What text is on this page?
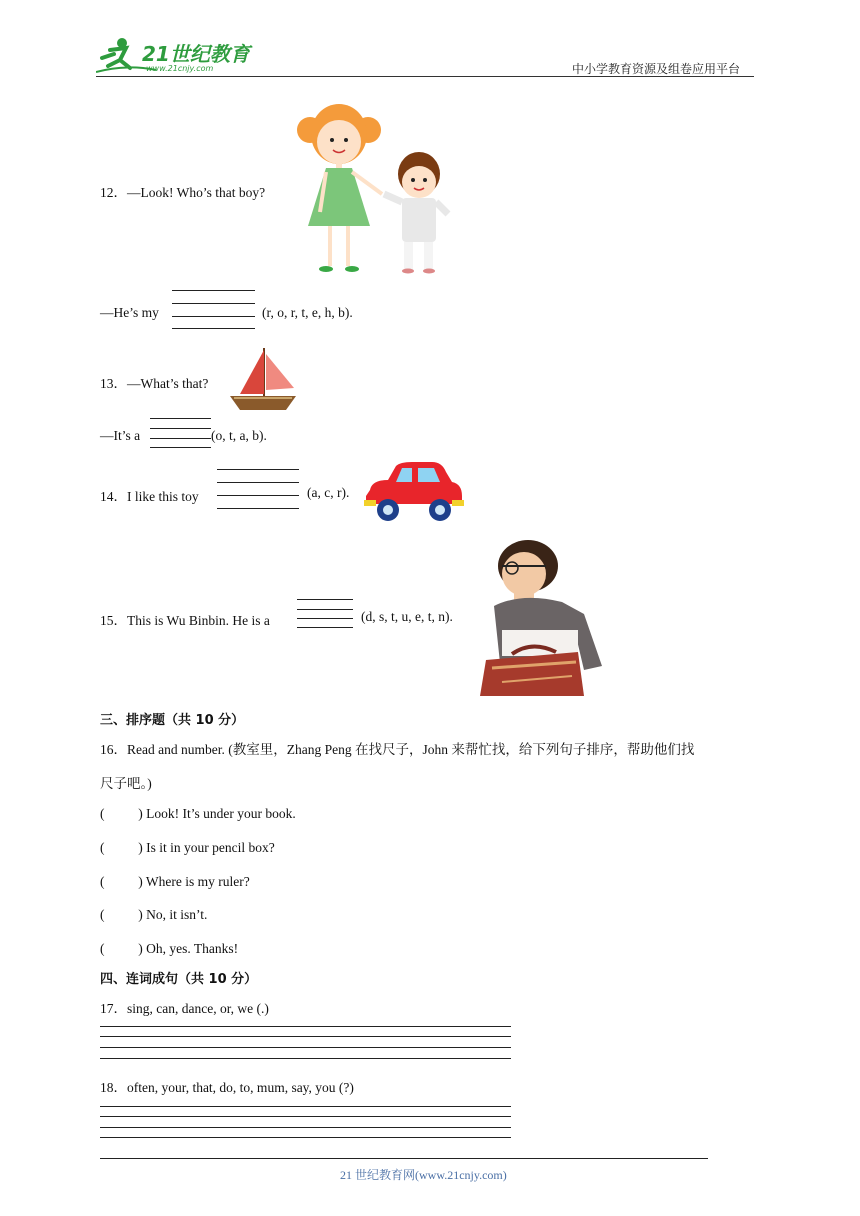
21世纪教育
www.21cnjy.com	中小学教育资源及组卷应用平台
12．—Look! Who’s that boy?
—He’s my	(r, o, r, t, e, h, b).
13．—What’s that?
—It’s a	(o, t, a, b).
14．I like this toy	(a, c, r).
15．This is Wu Binbin. He is a	(d, s, t, u, e, t, n).
三、排序题（共 10 分）
16．Read and number. (教室里，Zhang Peng 在找尺子，John 来帮忙找，给下列句子排序，帮助他们找
尺子吧。)
(          ) Look! It’s under your book.
(          ) Is it in your pencil box?
(          ) Where is my ruler?
(          ) No, it isn’t.
(          ) Oh, yes. Thanks!
四、连词成句（共 10 分）
17．sing, can, dance, or, we (.)
18．often, your, that, do, to, mum, say, you (?)
21 世纪教育网(www.21cnjy.com)
